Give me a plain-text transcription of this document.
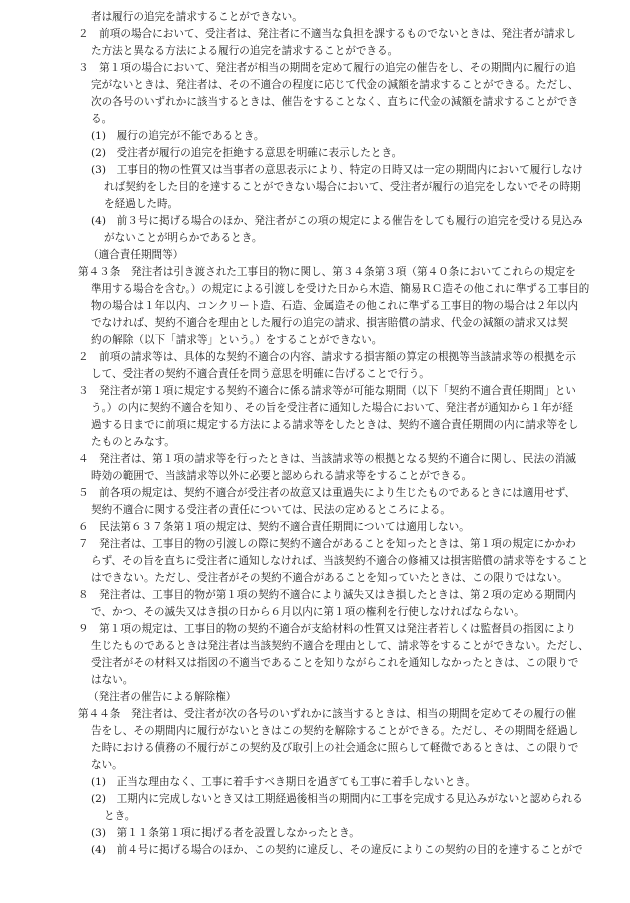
者は履行の追完を請求することができない。
２　前項の場合において、受注者は、発注者に不適当な負担を課するものでないときは、発注者が請求し
た方法と異なる方法による履行の追完を請求することができる。
３　第１項の場合において、発注者が相当の期間を定めて履行の追完の催告をし、その期間内に履行の追
完がないときは、発注者は、その不適合の程度に応じて代金の減額を請求することができる。ただし、
次の各号のいずれかに該当するときは、催告をすることなく、直ちに代金の減額を請求することができ
る。
(1)　履行の追完が不能であるとき。
(2)　受注者が履行の追完を拒絶する意思を明確に表示したとき。
(3)　工事目的物の性質又は当事者の意思表示により、特定の日時又は一定の期間内において履行しなけ
れば契約をした目的を達することができない場合において、受注者が履行の追完をしないでその時期
を経過した時。
(4)　前３号に掲げる場合のほか、発注者がこの項の規定による催告をしても履行の追完を受ける見込み
がないことが明らかであるとき。
（適合責任期間等）
第４３条　発注者は引き渡された工事目的物に関し、第３４条第３項（第４０条においてこれらの規定を
準用する場合を含む。）の規定による引渡しを受けた日から木造、簡易ＲＣ造その他これに準ずる工事目的
物の場合は１年以内、コンクリート造、石造、金属造その他これに準ずる工事目的物の場合は２年以内
でなければ、契約不適合を理由とした履行の追完の請求、損害賠償の請求、代金の減額の請求又は契
約の解除（以下「請求等」という。）をすることができない。
２　前項の請求等は、具体的な契約不適合の内容、請求する損害額の算定の根拠等当該請求等の根拠を示
して、受注者の契約不適合責任を問う意思を明確に告げることで行う。
３　発注者が第１項に規定する契約不適合に係る請求等が可能な期間（以下「契約不適合責任期間」とい
う。）の内に契約不適合を知り、その旨を受注者に通知した場合において、発注者が通知から１年が経
過する日までに前項に規定する方法による請求等をしたときは、契約不適合責任期間の内に請求等をし
たものとみなす。
４　発注者は、第１項の請求等を行ったときは、当該請求等の根拠となる契約不適合に関し、民法の消滅
時効の範囲で、当該請求等以外に必要と認められる請求等をすることができる。
５　前各項の規定は、契約不適合が受注者の故意又は重過失により生じたものであるときには適用せず、
契約不適合に関する受注者の責任については、民法の定めるところによる。
６　民法第６３７条第１項の規定は、契約不適合責任期間については適用しない。
７　発注者は、工事目的物の引渡しの際に契約不適合があることを知ったときは、第１項の規定にかかわ
らず、その旨を直ちに受注者に通知しなければ、当該契約不適合の修補又は損害賠償の請求等をすること
はできない。ただし、受注者がその契約不適合があることを知っていたときは、この限りではない。
８　発注者は、工事目的物が第１項の契約不適合により滅失又はき損したときは、第２項の定める期間内
で、かつ、その滅失又はき損の日から６月以内に第１項の権利を行使しなければならない。
９　第１項の規定は、工事目的物の契約不適合が支給材料の性質又は発注者若しくは監督員の指図により
生じたものであるときは発注者は当該契約不適合を理由として、請求等をすることができない。ただし、
受注者がその材料又は指図の不適当であることを知りながらこれを通知しなかったときは、この限りで
はない。
（発注者の催告による解除権）
第４４条　発注者は、受注者が次の各号のいずれかに該当するときは、相当の期間を定めてその履行の催
告をし、その期間内に履行がないときはこの契約を解除することができる。ただし、その期間を経過し
た時における債務の不履行がこの契約及び取引上の社会通念に照らして軽微であるときは、この限りで
ない。
(1)　正当な理由なく、工事に着手すべき期日を過ぎても工事に着手しないとき。
(2)　工期内に完成しないとき又は工期経過後相当の期間内に工事を完成する見込みがないと認められる
とき。
(3)　第１１条第１項に掲げる者を設置しなかったとき。
(4)　前４号に掲げる場合のほか、この契約に違反し、その違反によりこの契約の目的を達することがで
